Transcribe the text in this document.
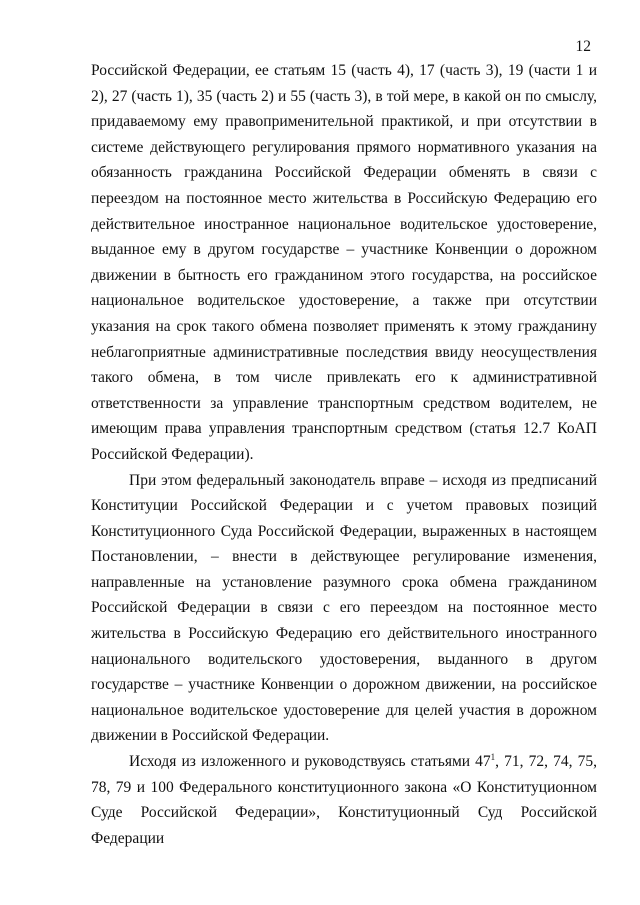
12

Российской Федерации, ее статьям 15 (часть 4), 17 (часть 3), 19 (части 1 и 2), 27 (часть 1), 35 (часть 2) и 55 (часть 3), в той мере, в какой он по смыслу, придаваемому ему правоприменительной практикой, и при отсутствии в системе действующего регулирования прямого нормативного указания на обязанность гражданина Российской Федерации обменять в связи с переездом на постоянное место жительства в Российскую Федерацию его действительное иностранное национальное водительское удостоверение, выданное ему в другом государстве – участнике Конвенции о дорожном движении в бытность его гражданином этого государства, на российское национальное водительское удостоверение, а также при отсутствии указания на срок такого обмена позволяет применять к этому гражданину неблагоприятные административные последствия ввиду неосуществления такого обмена, в том числе привлекать его к административной ответственности за управление транспортным средством водителем, не имеющим права управления транспортным средством (статья 12.7 КоАП Российской Федерации).

При этом федеральный законодатель вправе – исходя из предписаний Конституции Российской Федерации и с учетом правовых позиций Конституционного Суда Российской Федерации, выраженных в настоящем Постановлении, – внести в действующее регулирование изменения, направленные на установление разумного срока обмена гражданином Российской Федерации в связи с его переездом на постоянное место жительства в Российскую Федерацию его действительного иностранного национального водительского удостоверения, выданного в другом государстве – участнике Конвенции о дорожном движении, на российское национальное водительское удостоверение для целей участия в дорожном движении в Российской Федерации.

Исходя из изложенного и руководствуясь статьями $47^1$, 71, 72, 74, 75, 78, 79 и 100 Федерального конституционного закона «О Конституционном Суде Российской Федерации», Конституционный Суд Российской Федерации
